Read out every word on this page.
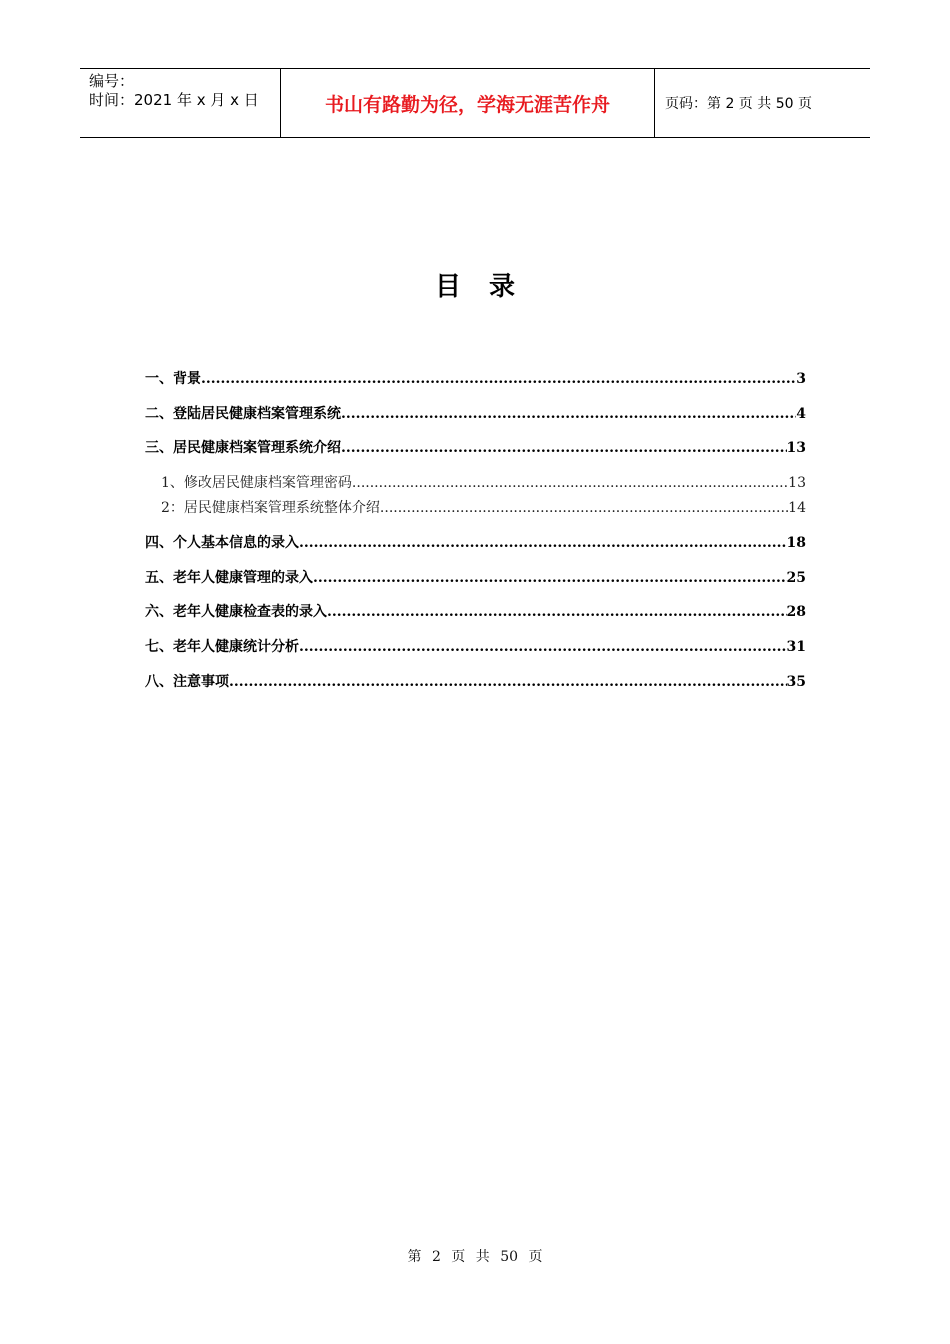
编号：
时间：2021 年 x 月 x 日	书山有路勤为径，学海无涯苦作舟	页码：第 2 页 共 50 页
目录
一、背景 .....	3
二、登陆居民健康档案管理系统 .....	4
三、居民健康档案管理系统介绍 .....	13
1、修改居民健康档案管理密码 .....	13
2：居民健康档案管理系统整体介绍 .....	14
四、个人基本信息的录入 .....	18
五、老年人健康管理的录入 .....	25
六、老年人健康检查表的录入 .....	28
七、老年人健康统计分析 .....	31
八、注意事项 .....	35
第 2 页 共 50 页
